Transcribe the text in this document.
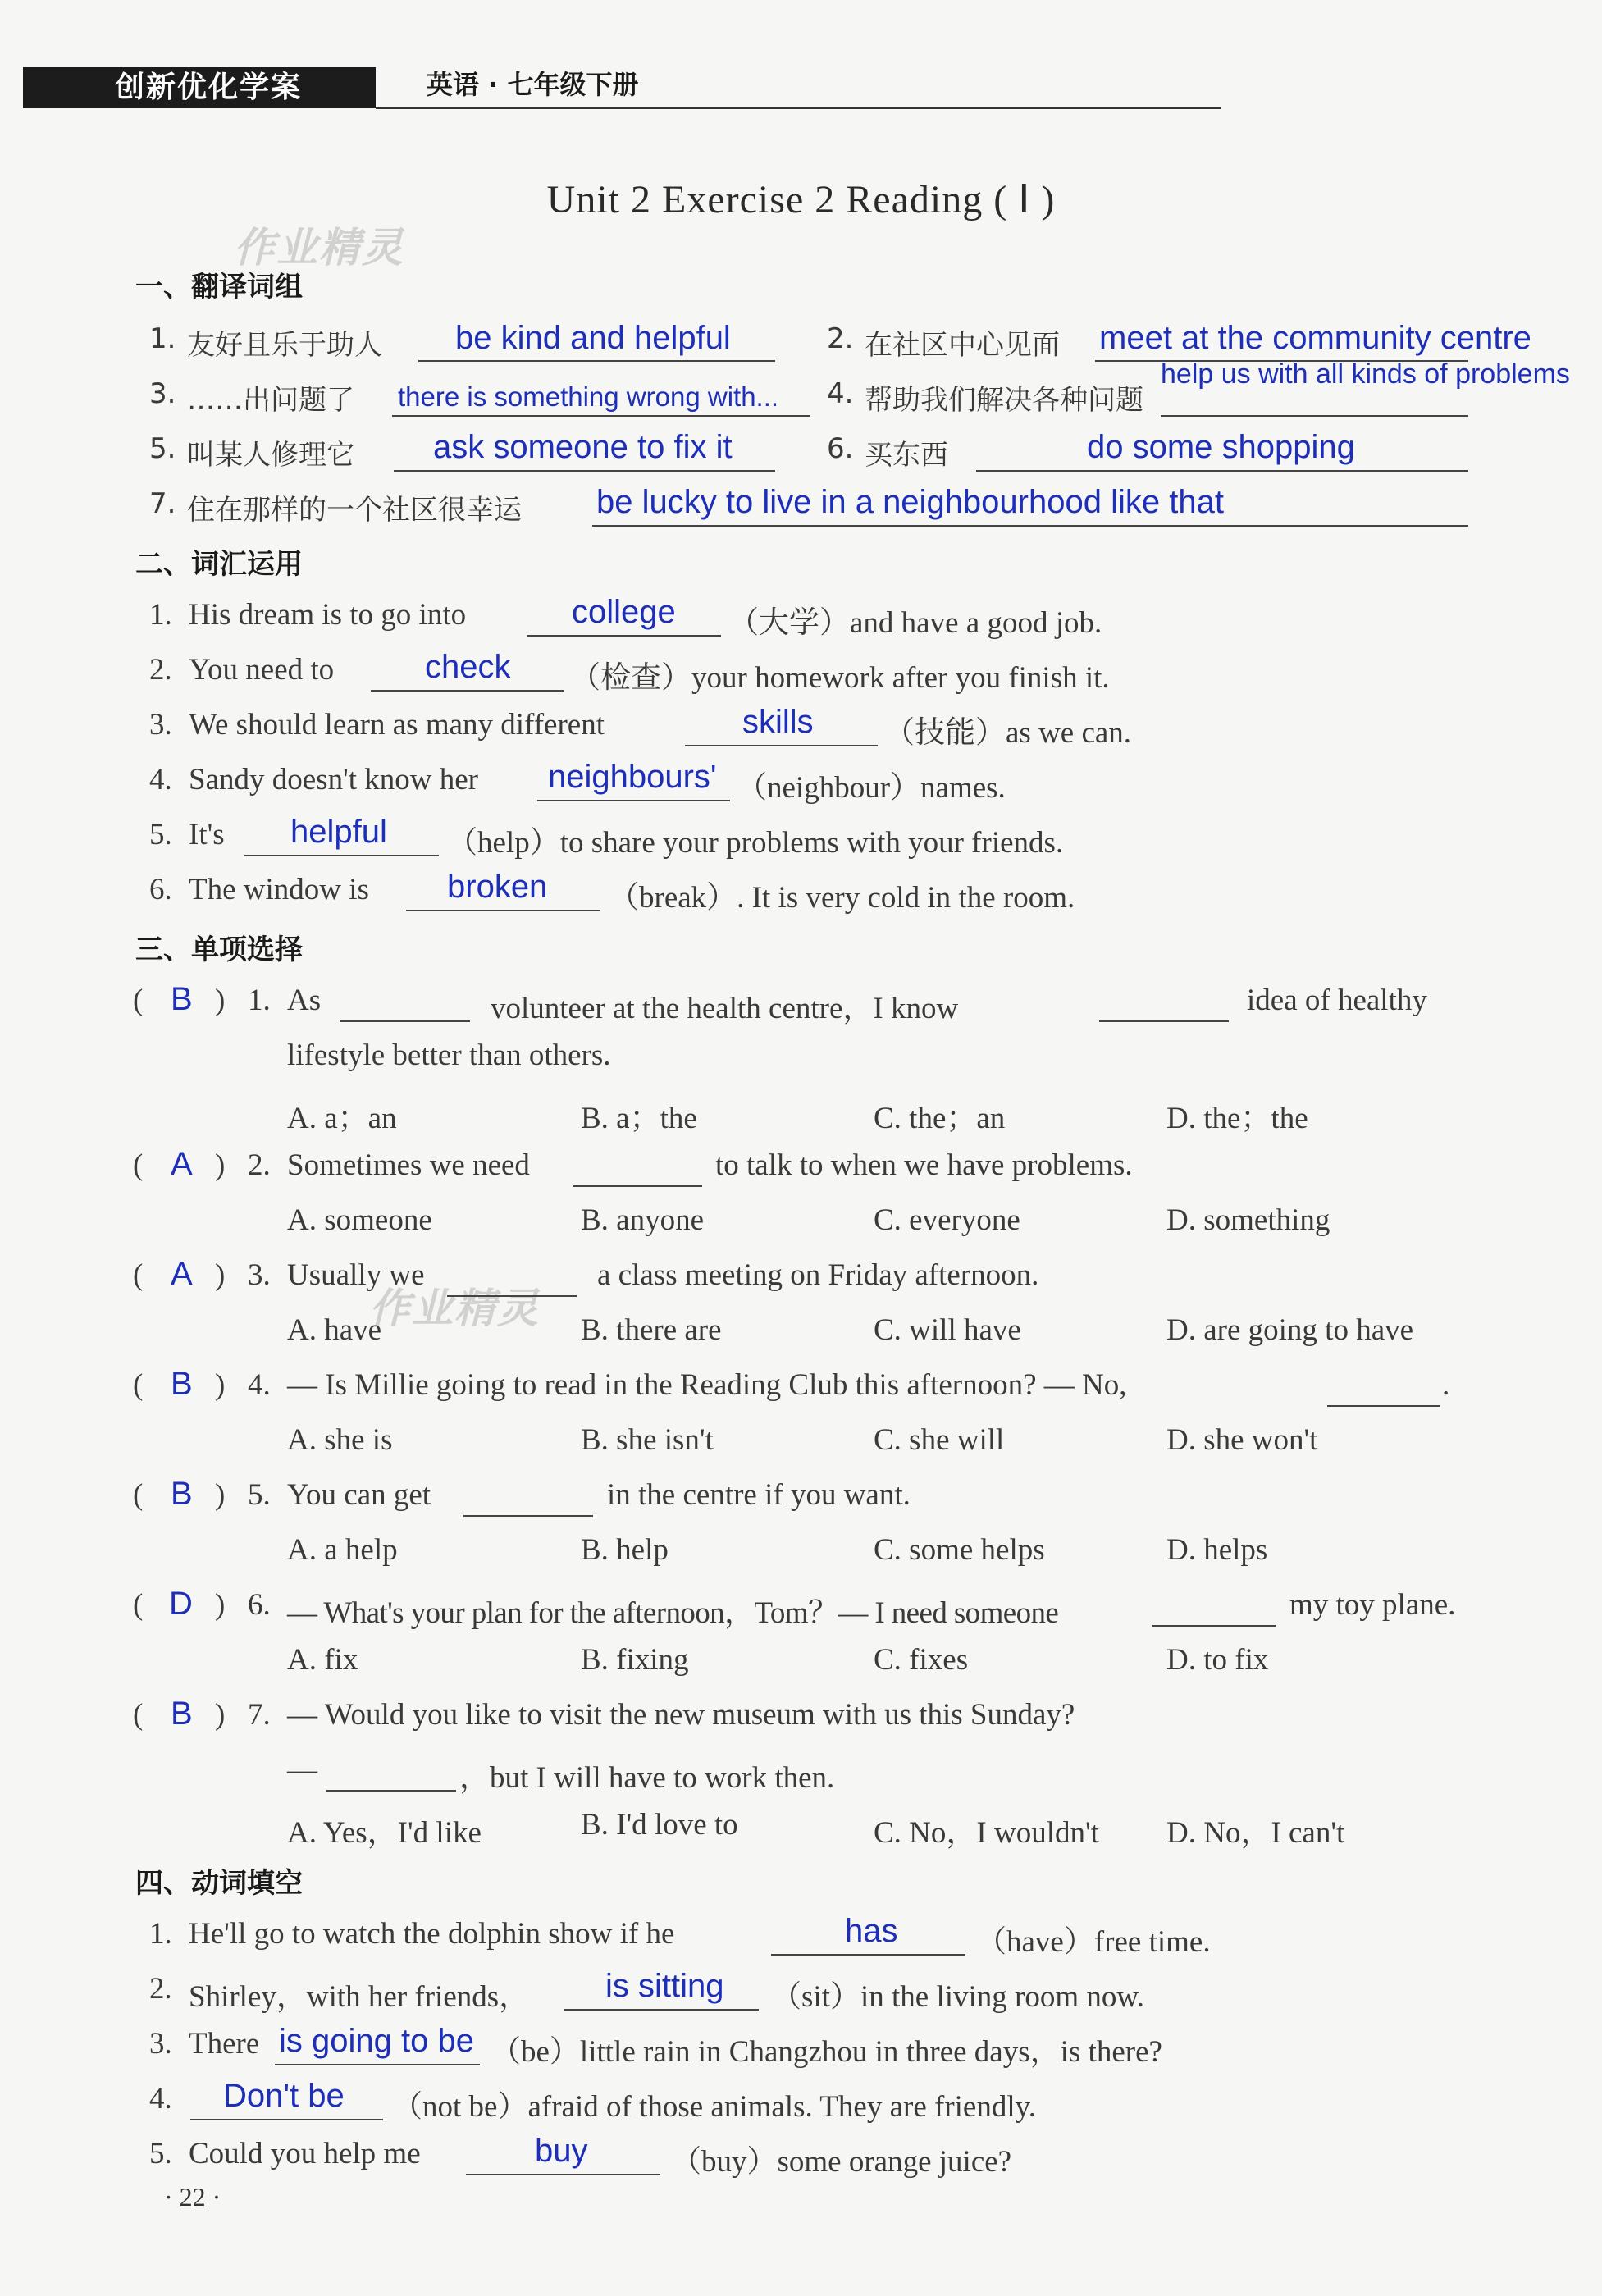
创新优化学案	英语 · 七年级下册
Unit 2 Exercise 2 Reading ( Ⅰ )
作业精灵
作业精灵
一、翻译词组
1. 友好且乐于助人 be kind and helpful	2. 在社区中心见面 meet at the community centre
3. ……出问题了 there is something wrong with... 4. 帮助我们解决各种问题
help us with all kinds of problems
5. 叫某人修理它 ask someone to fix it	6. 买东西	do some shopping
7. 住在那样的一个社区很幸运 be lucky to live in a neighbourhood like that
二、词汇运用
1. His dream is to go into	college （大学）and have a good job.
2. You need to	check （检查）your homework after you finish it.
3. We should learn as many different	skills （技能）as we can.
4. Sandy doesn't know her neighbours' （neighbour）names.
5. It's helpful （help）to share your problems with your friends.
6. The window is broken （break）. It is very cold in the room.
三、单项选择
( B ) 1. As	volunteer at the health centre，I know	idea of healthy
lifestyle better than others.
A. a；an	B. a；the	C. the；an	D. the；the
( A ) 2. Sometimes we need	to talk to when we have problems.
A. someone	B. anyone	C. everyone	D. something
( A ) 3. Usually we	a class meeting on Friday afternoon.
A. have	B. there are	C. will have	D. are going to have
( B ) 4. — Is Millie going to read in the Reading Club this afternoon? — No,	.
A. she is	B. she isn't	C. she will	D. she won't
( B ) 5. You can get	in the centre if you want.
A. a help	B. help	C. some helps	D. helps
( D ) 6. — What's your plan for the afternoon，Tom？— I need someone	my toy plane.
A. fix	B. fixing	C. fixes	D. to fix
( B ) 7. — Would you like to visit the new museum with us this Sunday?
—	，but I will have to work then.
A. Yes，I'd like	B. I'd love to	C. No，I wouldn't D. No，I can't
四、动词填空
1. He'll go to watch the dolphin show if he	has	（have）free time.
2. Shirley，with her friends， is sitting （sit）in the living room now.
3. There is going to be （be）little rain in Changzhou in three days，is there?
4. Don't be （not be）afraid of those animals. They are friendly.
5. Could you help me	buy	（buy）some orange juice?
· 22 ·
